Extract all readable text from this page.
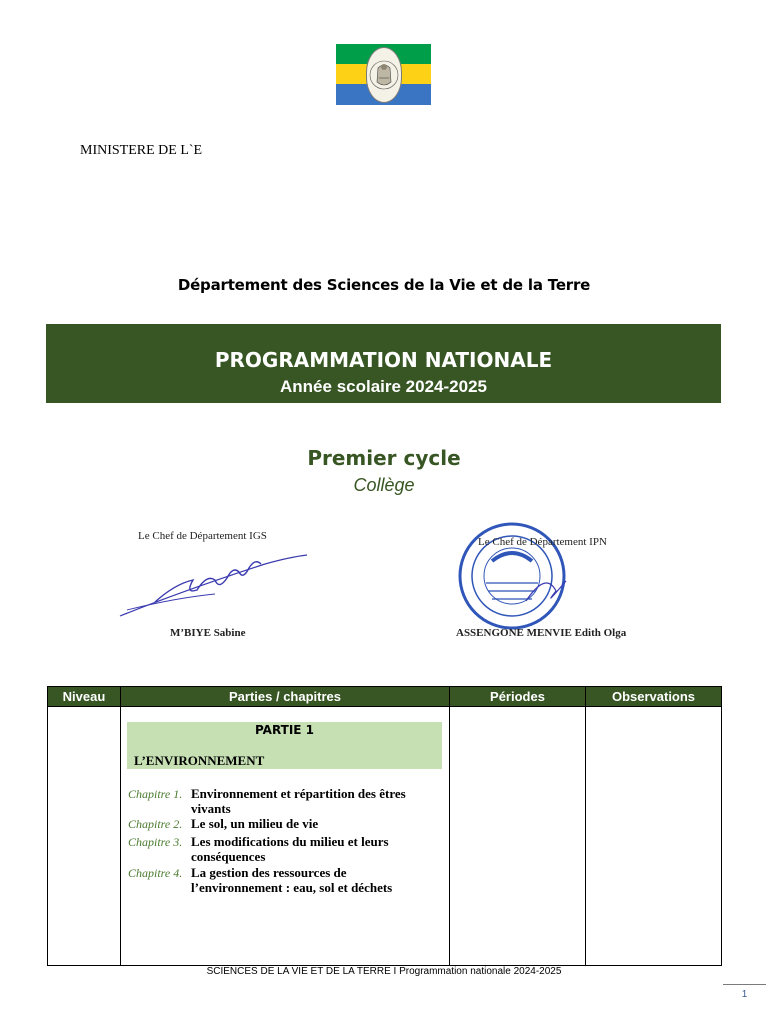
MINISTERE DE L`E
Département des Sciences de la Vie et de la Terre
PROGRAMMATION NATIONALE
Année scolaire 2024-2025
Premier cycle
Collège
Le Chef de Département IGS
M’BIYE Sabine
Le Chef de Département IPN
ASSENGONE MENVIE Edith Olga
Niveau	Parties / chapitres	Périodes	Observations

PARTIE 1
L’ENVIRONNEMENT
Chapitre 1. Environnement et répartition des êtres vivants
Chapitre 2. Le sol, un milieu de vie
Chapitre 3. Les modifications du milieu et leurs conséquences
Chapitre 4. La gestion des ressources de l’environnement : eau, sol et déchets
SCIENCES DE LA VIE ET DE LA TERRE I Programmation nationale 2024-2025
1
